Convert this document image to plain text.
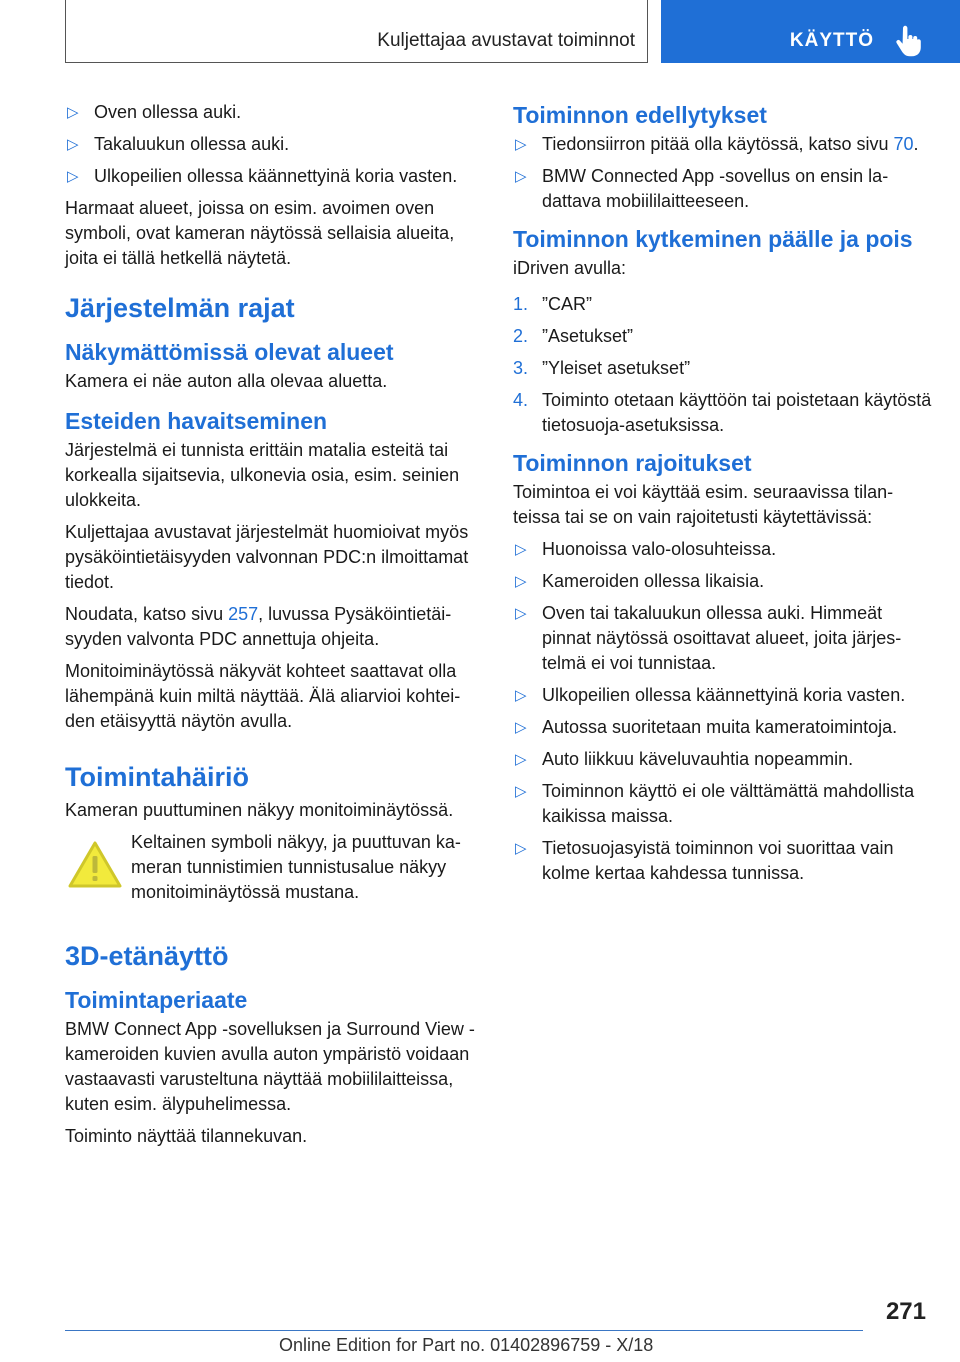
Kuljettajaa avustavat toiminnot	KÄYTTÖ
▷ Oven ollessa auki.
▷ Takaluukun ollessa auki.
▷ Ulkopeilien ollessa käännettyinä koria vasten.

Harmaat alueet, joissa on esim. avoimen oven symboli, ovat kameran näytössä sellaisia alueita, joita ei tällä hetkellä näytetä.

Järjestelmän rajat
Näkymättömissä olevat alueet

Kamera ei näe auton alla olevaa aluetta.

Esteiden havaitseminen

Järjestelmä ei tunnista erittäin matalia esteitä tai korkealla sijaitsevia, ulkonevia osia, esim. seinien ulokkeita.

Kuljettajaa avustavat järjestelmät huomioivat myös pysäköintietäisyyden valvonnan PDC:n ilmoittamat tiedot.

Noudata, katso sivu 257, luvussa Pysäköintietäisyyden valvonta PDC annettuja ohjeita.

Monitoiminäytössä näkyvät kohteet saattavat olla lähempänä kuin miltä näyttää. Älä aliarvioi kohteiden etäisyyttä näytön avulla.

Toimintahäiriö

Kameran puuttuminen näkyy monitoiminäytössä.

Keltainen symboli näkyy, ja puuttuvan kameran tunnistimien tunnistusalue näkyy monitoiminäytössä mustana.
3D-etänäyttö
Toimintaperiaate

BMW Connect App -sovelluksen ja Surround View -kameroiden kuvien avulla auton ympäristö voidaan vastaavasti varusteltuna näyttää mobiililaitteissa, kuten esim. älypuhelimessa.

Toiminto näyttää tilannekuvan.

Toiminnon edellytykset
▷ Tiedonsiirron pitää olla käytössä, katso sivu 70.
▷ BMW Connected App -sovellus on ensin ladattava mobiililaitteeseen.
Toiminnon kytkeminen päälle ja pois

iDriven avulla:

1. ”CAR”
2. ”Asetukset”
3. ”Yleiset asetukset”
4. Toiminto otetaan käyttöön tai poistetaan käytöstä tietosuoja-asetuksissa.
Toiminnon rajoitukset

Toimintoa ei voi käyttää esim. seuraavissa tilanteissa tai se on vain rajoitetusti käytettävissä:

▷ Huonoissa valo-olosuhteissa.
▷ Kameroiden ollessa likaisia.
▷ Oven tai takaluukun ollessa auki. Himmeät pinnat näytössä osoittavat alueet, joita järjestelmä ei voi tunnistaa.
▷ Ulkopeilien ollessa käännettyinä koria vasten.
▷ Autossa suoritetaan muita kameratoimintoja.
▷ Auto liikkuu käveluvauhtia nopeammin.
▷ Toiminnon käyttö ei ole välttämättä mahdollista kaikissa maissa.
▷ Tietosuojasyistä toiminnon voi suorittaa vain kolme kertaa kahdessa tunnissa.
271
Online Edition for Part no. 01402896759 - X/18
